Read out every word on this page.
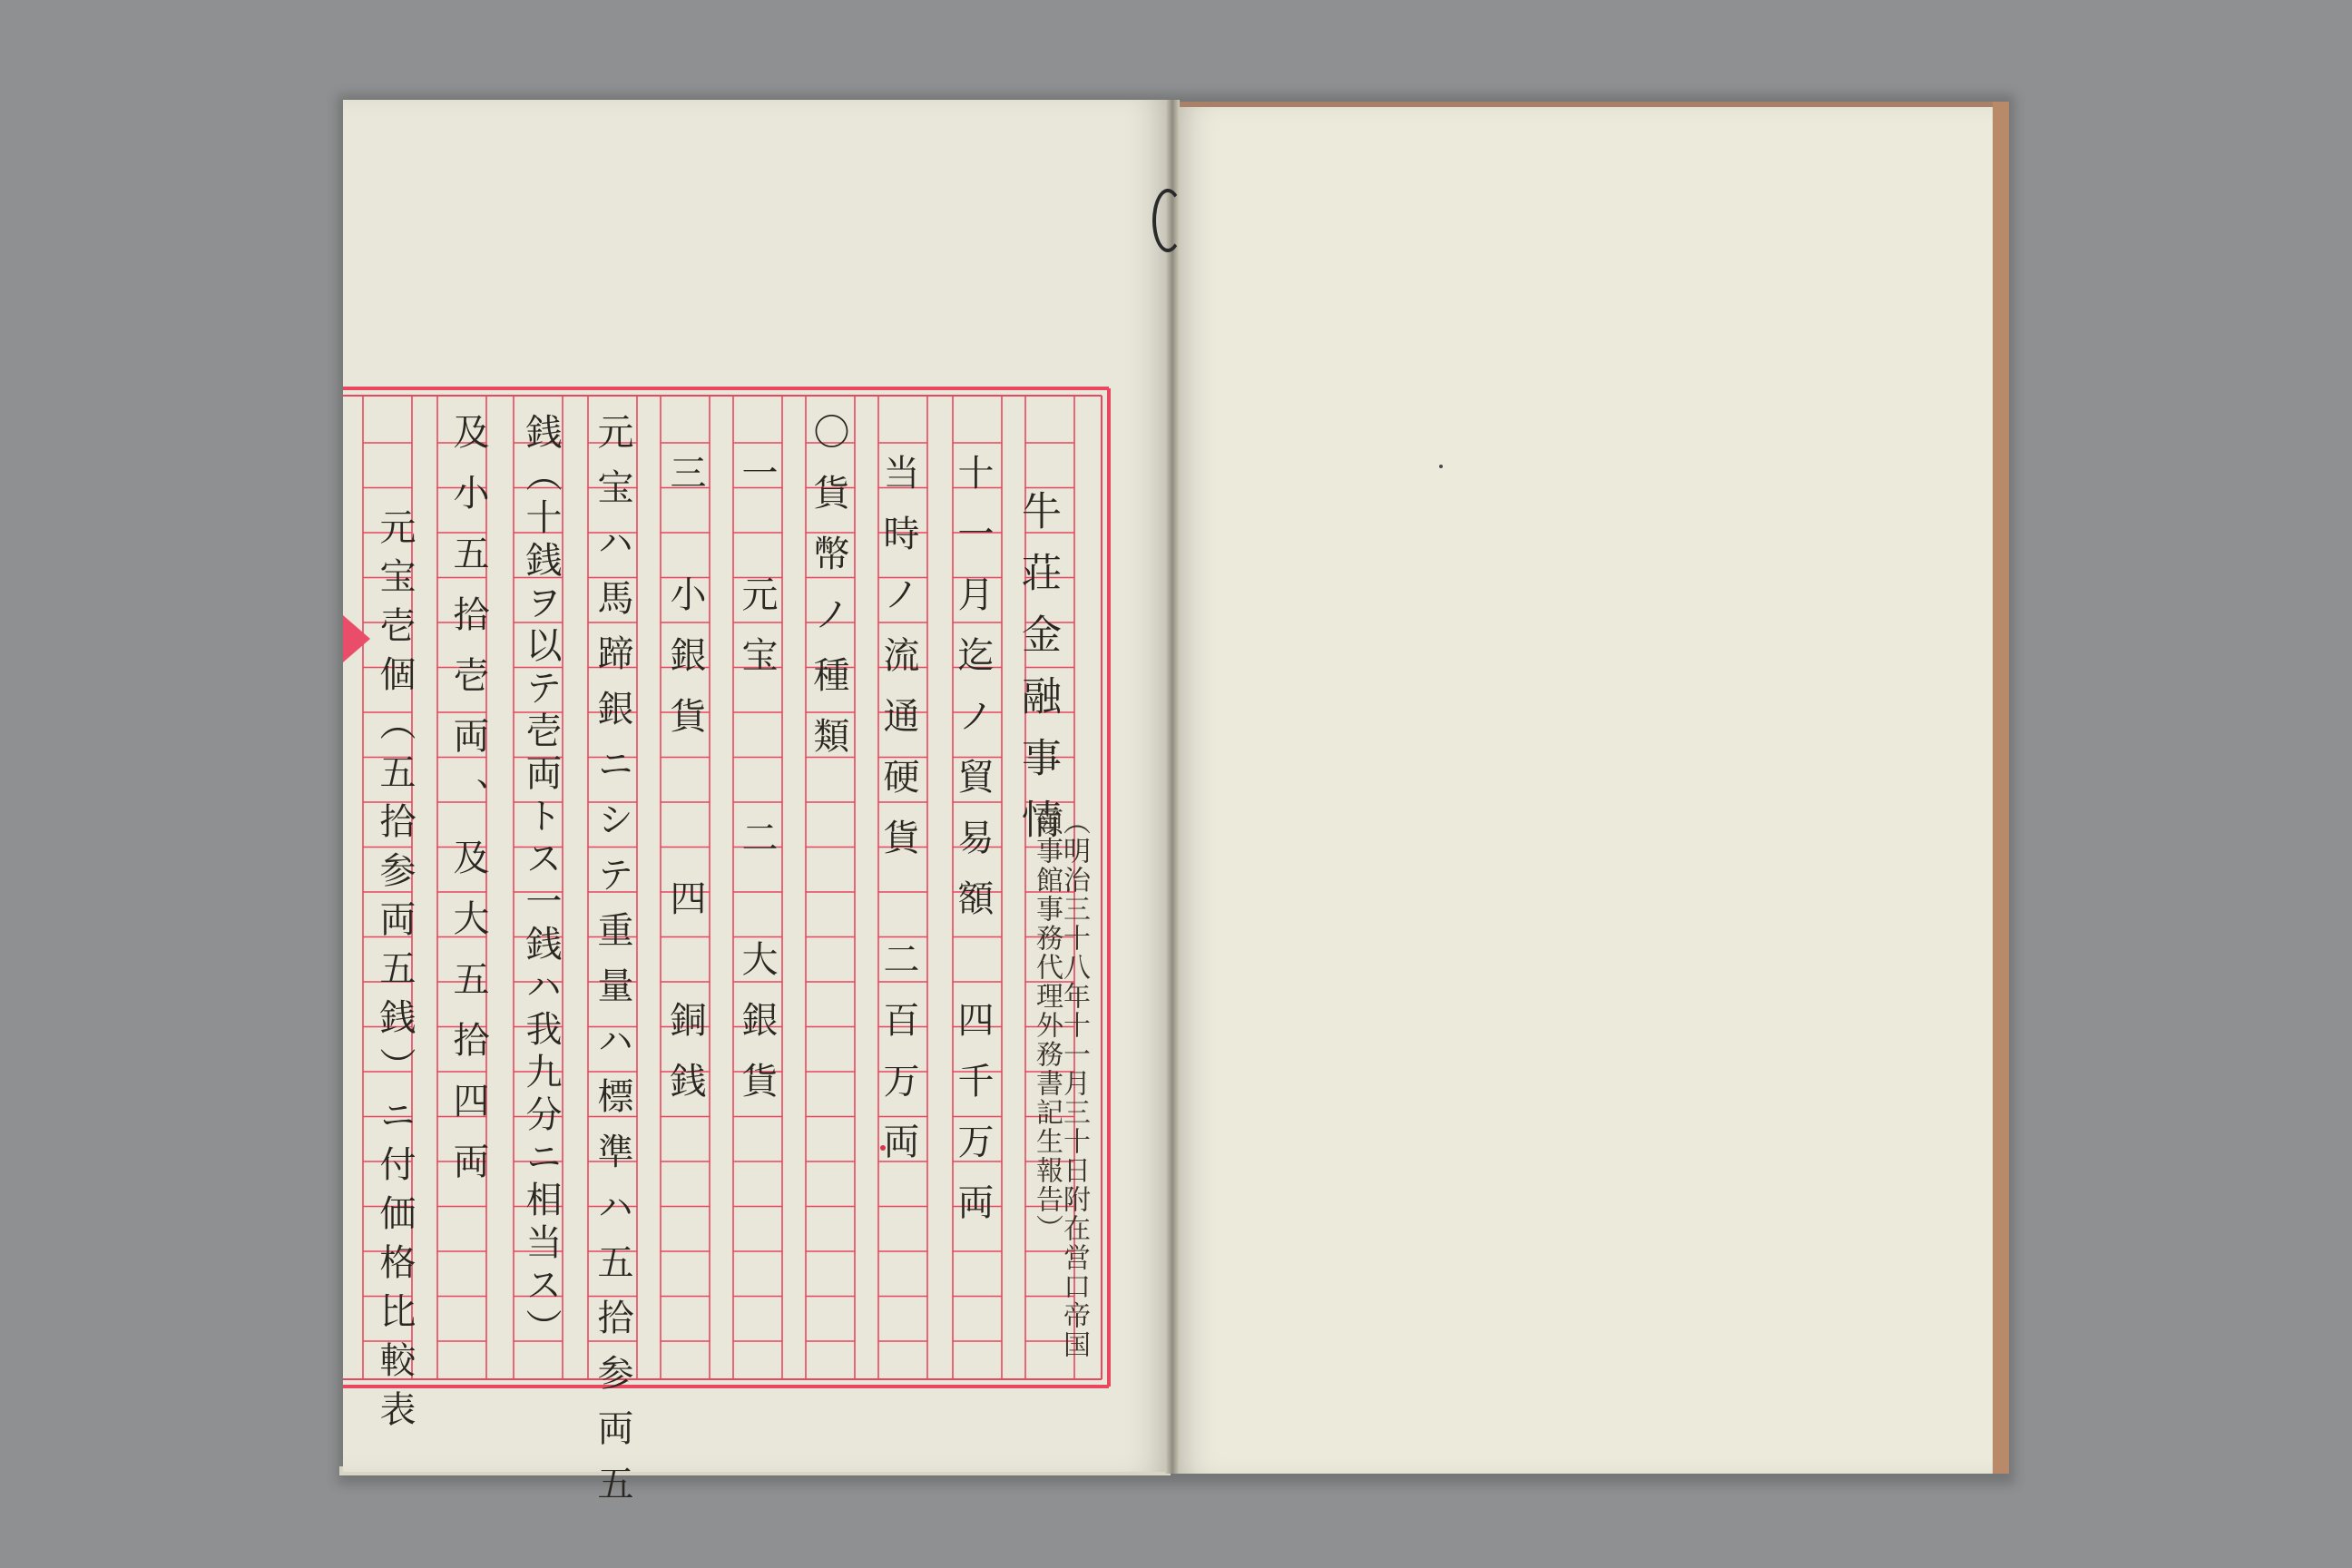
牛荘金融事情
（明治三十八年十一月三十日附在営口帝国領事館事務代理外務書記生報告）
十一月迄ノ貿易額　四千万両
当時ノ流通硬貨　二百万両
〇貨幣ノ種類
一　元宝　　二　大銀貨
三　小銀貨　　四　銅銭
元宝ハ馬蹄銀ニシテ重量ハ標準ハ五拾参両五
銭（十銭ヲ以テ壱両トス一銭ハ我九分ニ相当ス）
及小五拾壱両、及大五拾四両
元宝壱個（五拾参両五銭）ニ付価格比較表
